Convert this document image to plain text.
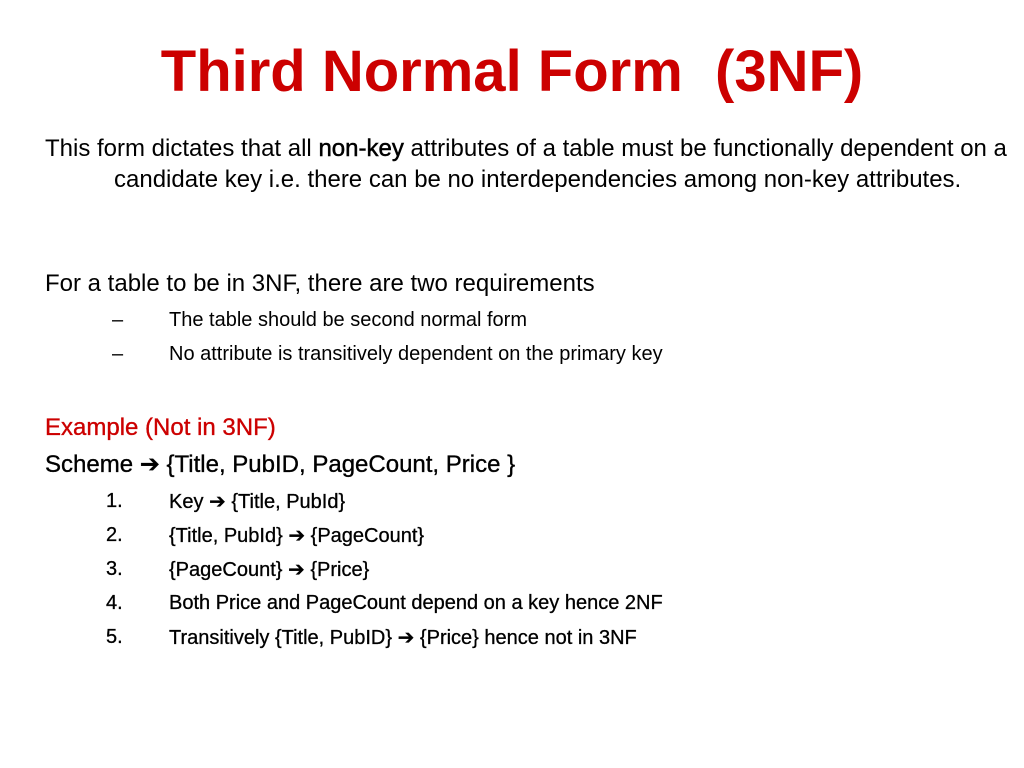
Third Normal Form  (3NF)
This form dictates that all non-key attributes of a table must be functionally dependent on a candidate key i.e. there can be no interdependencies among non-key attributes.
For a table to be in 3NF, there are two requirements
–	The table should be second normal form
–	No attribute is transitively dependent on the primary key
Example (Not in 3NF)
Scheme ➔ {Title, PubID, PageCount, Price }
1.	Key ➔ {Title, PubId}
2.	{Title, PubId} ➔ {PageCount}
3.	{PageCount} ➔ {Price}
4.	Both Price and PageCount depend on a key hence 2NF
5.	Transitively {Title, PubID} ➔ {Price} hence not in 3NF
